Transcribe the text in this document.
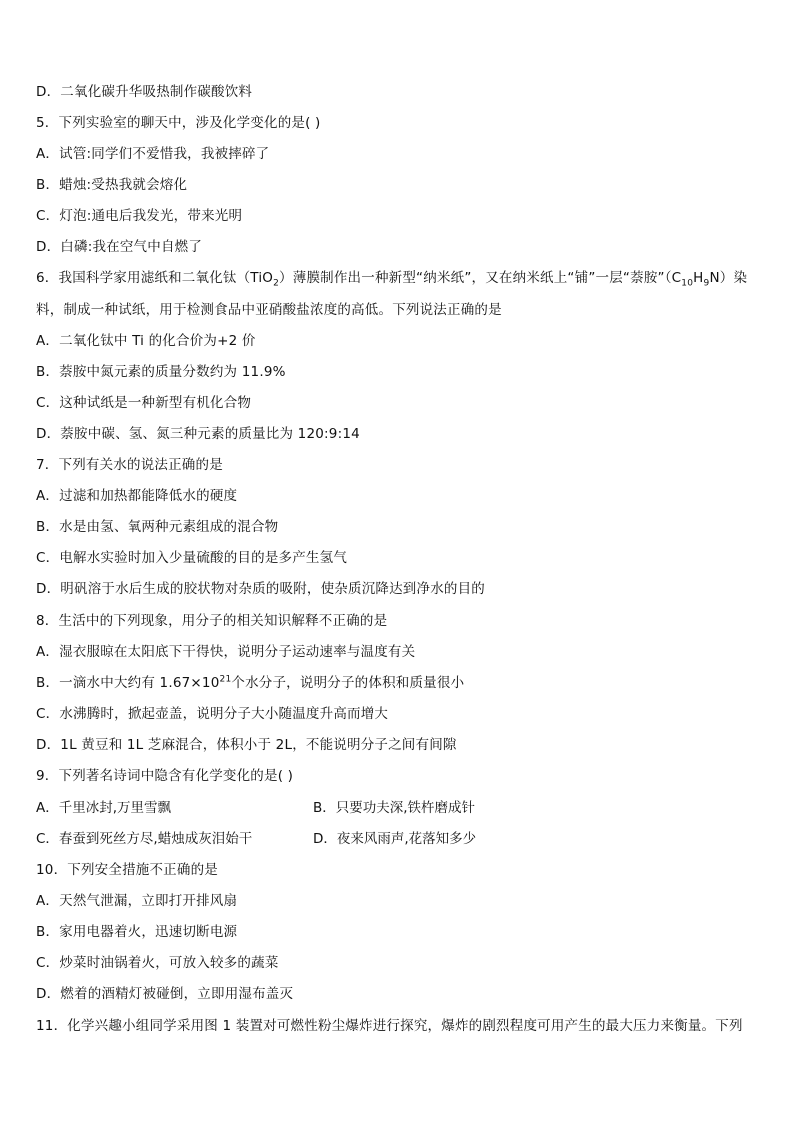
D．二氧化碳升华吸热制作碳酸饮料
5．下列实验室的聊天中，涉及化学变化的是( )
A．试管:同学们不爱惜我，我被摔碎了
B．蜡烛:受热我就会熔化
C．灯泡:通电后我发光，带来光明
D．白磷:我在空气中自燃了
6．我国科学家用滤纸和二氧化钛（TiO$_2$）薄膜制作出一种新型“纳米纸”，又在纳米纸上“铺”一层“萘胺$”(C_{10}H_9N)$染
料，制成一种试纸，用于检测食品中亚硝酸盐浓度的高低。下列说法正确的是
A．二氧化钛中 Ti 的化合价为+2 价
B．萘胺中氮元素的质量分数约为 11.9%
C．这种试纸是一种新型有机化合物
D．萘胺中碳、氢、氮三种元素的质量比为 120:9:14
7．下列有关水的说法正确的是
A．过滤和加热都能降低水的硬度
B．水是由氢、氧两种元素组成的混合物
C．电解水实验时加入少量硫酸的目的是多产生氢气
D．明矾溶于水后生成的胶状物对杂质的吸附，使杂质沉降达到净水的目的
8．生活中的下列现象，用分子的相关知识解释不正确的是
A．湿衣服晾在太阳底下干得快，说明分子运动速率与温度有关
B．一滴水中大约有 $1.67\times 10^{21}$个水分子，说明分子的体积和质量很小
C．水沸腾时，掀起壶盖，说明分子大小随温度升高而增大
D．1L 黄豆和 1L 芝麻混合，体积小于 2L，不能说明分子之间有间隙
9．下列著名诗词中隐含有化学变化的是( )
A．千里冰封,万里雪飘	B．只要功夫深,铁杵磨成针
C．春蚕到死丝方尽,蜡烛成灰泪始干	D．夜来风雨声,花落知多少
10．下列安全措施不正确的是
A．天然气泄漏，立即打开排风扇
B．家用电器着火，迅速切断电源
C．炒菜时油锅着火，可放入较多的蔬菜
D．燃着的酒精灯被碰倒，立即用湿布盖灭
11．化学兴趣小组同学采用图 1 装置对可燃性粉尘爆炸进行探究，爆炸的剧烈程度可用产生的最大压力来衡量。下列
